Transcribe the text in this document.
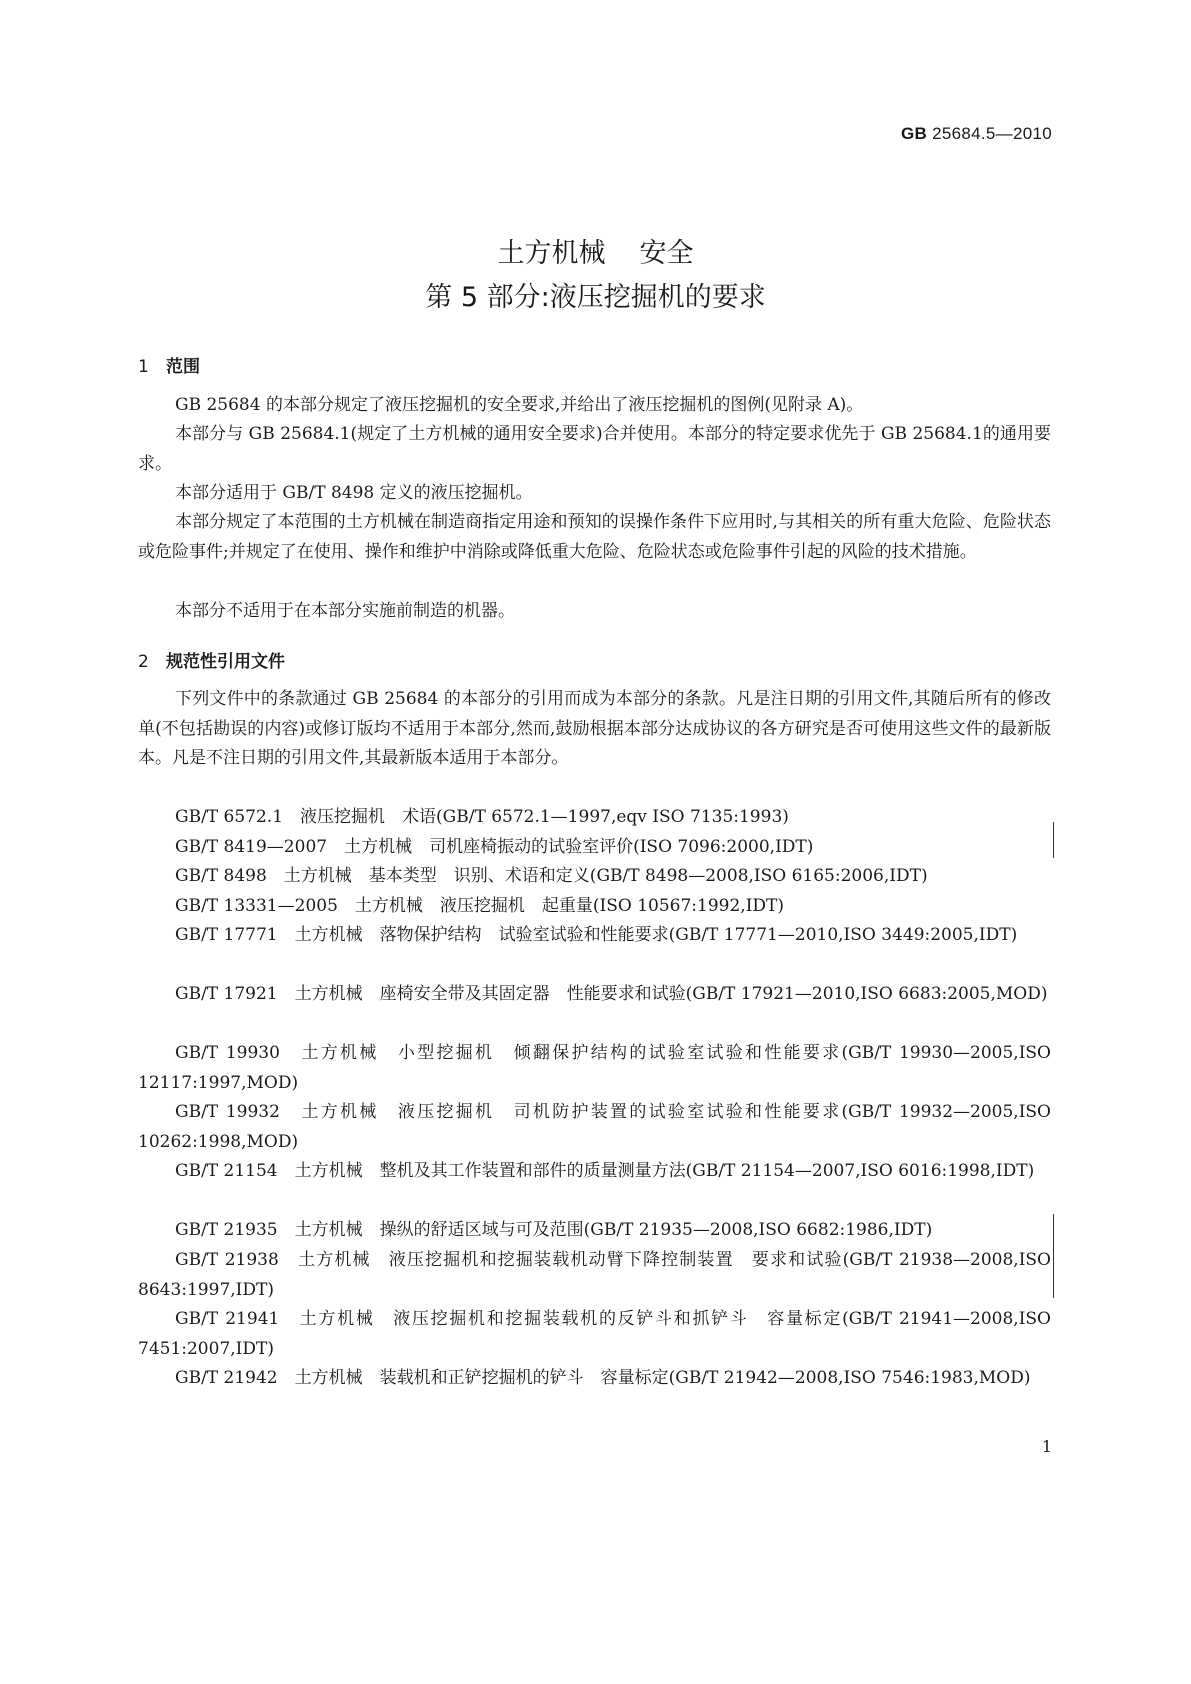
GB 25684.5—2010
土方机械 安全
第 5 部分:液压挖掘机的要求
1 范围
GB 25684 的本部分规定了液压挖掘机的安全要求,并给出了液压挖掘机的图例(见附录 A)。
本部分与 GB 25684.1(规定了土方机械的通用安全要求)合并使用。本部分的特定要求优先于 GB 25684.1的通用要求。
本部分适用于 GB/T 8498 定义的液压挖掘机。
本部分规定了本范围的土方机械在制造商指定用途和预知的误操作条件下应用时,与其相关的所有重大危险、危险状态或危险事件;并规定了在使用、操作和维护中消除或降低重大危险、危险状态或危险事件引起的风险的技术措施。
本部分不适用于在本部分实施前制造的机器。
2 规范性引用文件
下列文件中的条款通过 GB 25684 的本部分的引用而成为本部分的条款。凡是注日期的引用文件,其随后所有的修改单(不包括勘误的内容)或修订版均不适用于本部分,然而,鼓励根据本部分达成协议的各方研究是否可使用这些文件的最新版本。凡是不注日期的引用文件,其最新版本适用于本部分。
GB/T 6572.1　液压挖掘机　术语(GB/T 6572.1—1997,eqv ISO 7135:1993)
GB/T 8419—2007　土方机械　司机座椅振动的试验室评价(ISO 7096:2000,IDT)
GB/T 8498　土方机械　基本类型　识别、术语和定义(GB/T 8498—2008,ISO 6165:2006,IDT)
GB/T 13331—2005　土方机械　液压挖掘机　起重量(ISO 10567:1992,IDT)
GB/T 17771　土方机械　落物保护结构　试验室试验和性能要求(GB/T 17771—2010,ISO 3449:2005,IDT)
GB/T 17921　土方机械　座椅安全带及其固定器　性能要求和试验(GB/T 17921—2010,ISO 6683:2005,MOD)
GB/T 19930　土方机械　小型挖掘机　倾翻保护结构的试验室试验和性能要求(GB/T 19930—2005,ISO 12117:1997,MOD)
GB/T 19932　土方机械　液压挖掘机　司机防护装置的试验室试验和性能要求(GB/T 19932—2005,ISO 10262:1998,MOD)
GB/T 21154　土方机械　整机及其工作装置和部件的质量测量方法(GB/T 21154—2007,ISO 6016:1998,IDT)
GB/T 21935　土方机械　操纵的舒适区域与可及范围(GB/T 21935—2008,ISO 6682:1986,IDT)
GB/T 21938　土方机械　液压挖掘机和挖掘装载机动臂下降控制装置　要求和试验(GB/T 21938—2008,ISO 8643:1997,IDT)
GB/T 21941　土方机械　液压挖掘机和挖掘装载机的反铲斗和抓铲斗　容量标定(GB/T 21941—2008,ISO 7451:2007,IDT)
GB/T 21942　土方机械　装载机和正铲挖掘机的铲斗　容量标定(GB/T 21942—2008,ISO 7546:1983,MOD)
1
